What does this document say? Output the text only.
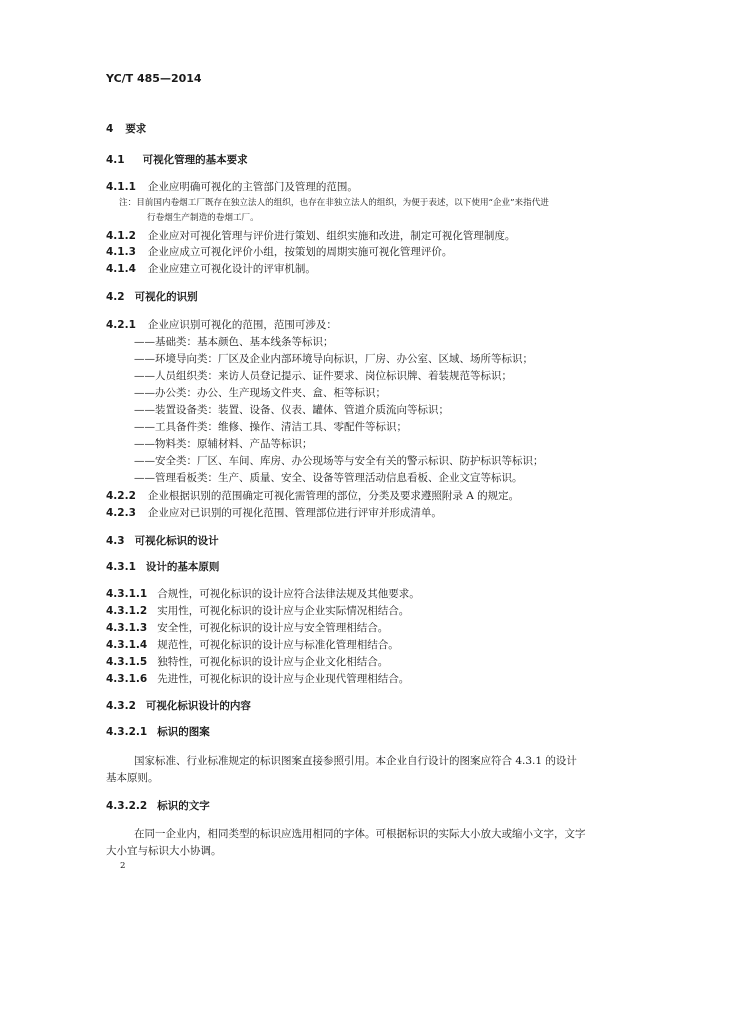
YC/T 485—2014
4 要求
4.1 可视化管理的基本要求
4.1.1 企业应明确可视化的主管部门及管理的范围。
注：目前国内卷烟工厂既存在独立法人的组织，也存在非独立法人的组织，为便于表述，以下使用“企业”来指代进
行卷烟生产制造的卷烟工厂。
4.1.2 企业应对可视化管理与评价进行策划、组织实施和改进，制定可视化管理制度。
4.1.3 企业应成立可视化评价小组，按策划的周期实施可视化管理评价。
4.1.4 企业应建立可视化设计的评审机制。
4.2 可视化的识别
4.2.1 企业应识别可视化的范围，范围可涉及：
——基础类：基本颜色、基本线条等标识；
——环境导向类：厂区及企业内部环境导向标识，厂房、办公室、区域、场所等标识；
——人员组织类：来访人员登记提示、证件要求、岗位标识牌、着装规范等标识；
——办公类：办公、生产现场文件夹、盒、柜等标识；
——装置设备类：装置、设备、仪表、罐体、管道介质流向等标识；
——工具备件类：维修、操作、清洁工具、零配件等标识；
——物料类：原辅材料、产品等标识；
——安全类：厂区、车间、库房、办公现场等与安全有关的警示标识、防护标识等标识；
——管理看板类：生产、质量、安全、设备等管理活动信息看板、企业文宣等标识。
4.2.2 企业根据识别的范围确定可视化需管理的部位，分类及要求遵照附录 A 的规定。
4.2.3 企业应对已识别的可视化范围、管理部位进行评审并形成清单。
4.3 可视化标识的设计
4.3.1 设计的基本原则
4.3.1.1 合规性，可视化标识的设计应符合法律法规及其他要求。
4.3.1.2 实用性，可视化标识的设计应与企业实际情况相结合。
4.3.1.3 安全性，可视化标识的设计应与安全管理相结合。
4.3.1.4 规范性，可视化标识的设计应与标准化管理相结合。
4.3.1.5 独特性，可视化标识的设计应与企业文化相结合。
4.3.1.6 先进性，可视化标识的设计应与企业现代管理相结合。
4.3.2 可视化标识设计的内容
4.3.2.1 标识的图案
国家标准、行业标准规定的标识图案直接参照引用。本企业自行设计的图案应符合 4.3.1 的设计
基本原则。
4.3.2.2 标识的文字
在同一企业内，相同类型的标识应选用相同的字体。可根据标识的实际大小放大或缩小文字，文字
大小宜与标识大小协调。
2
